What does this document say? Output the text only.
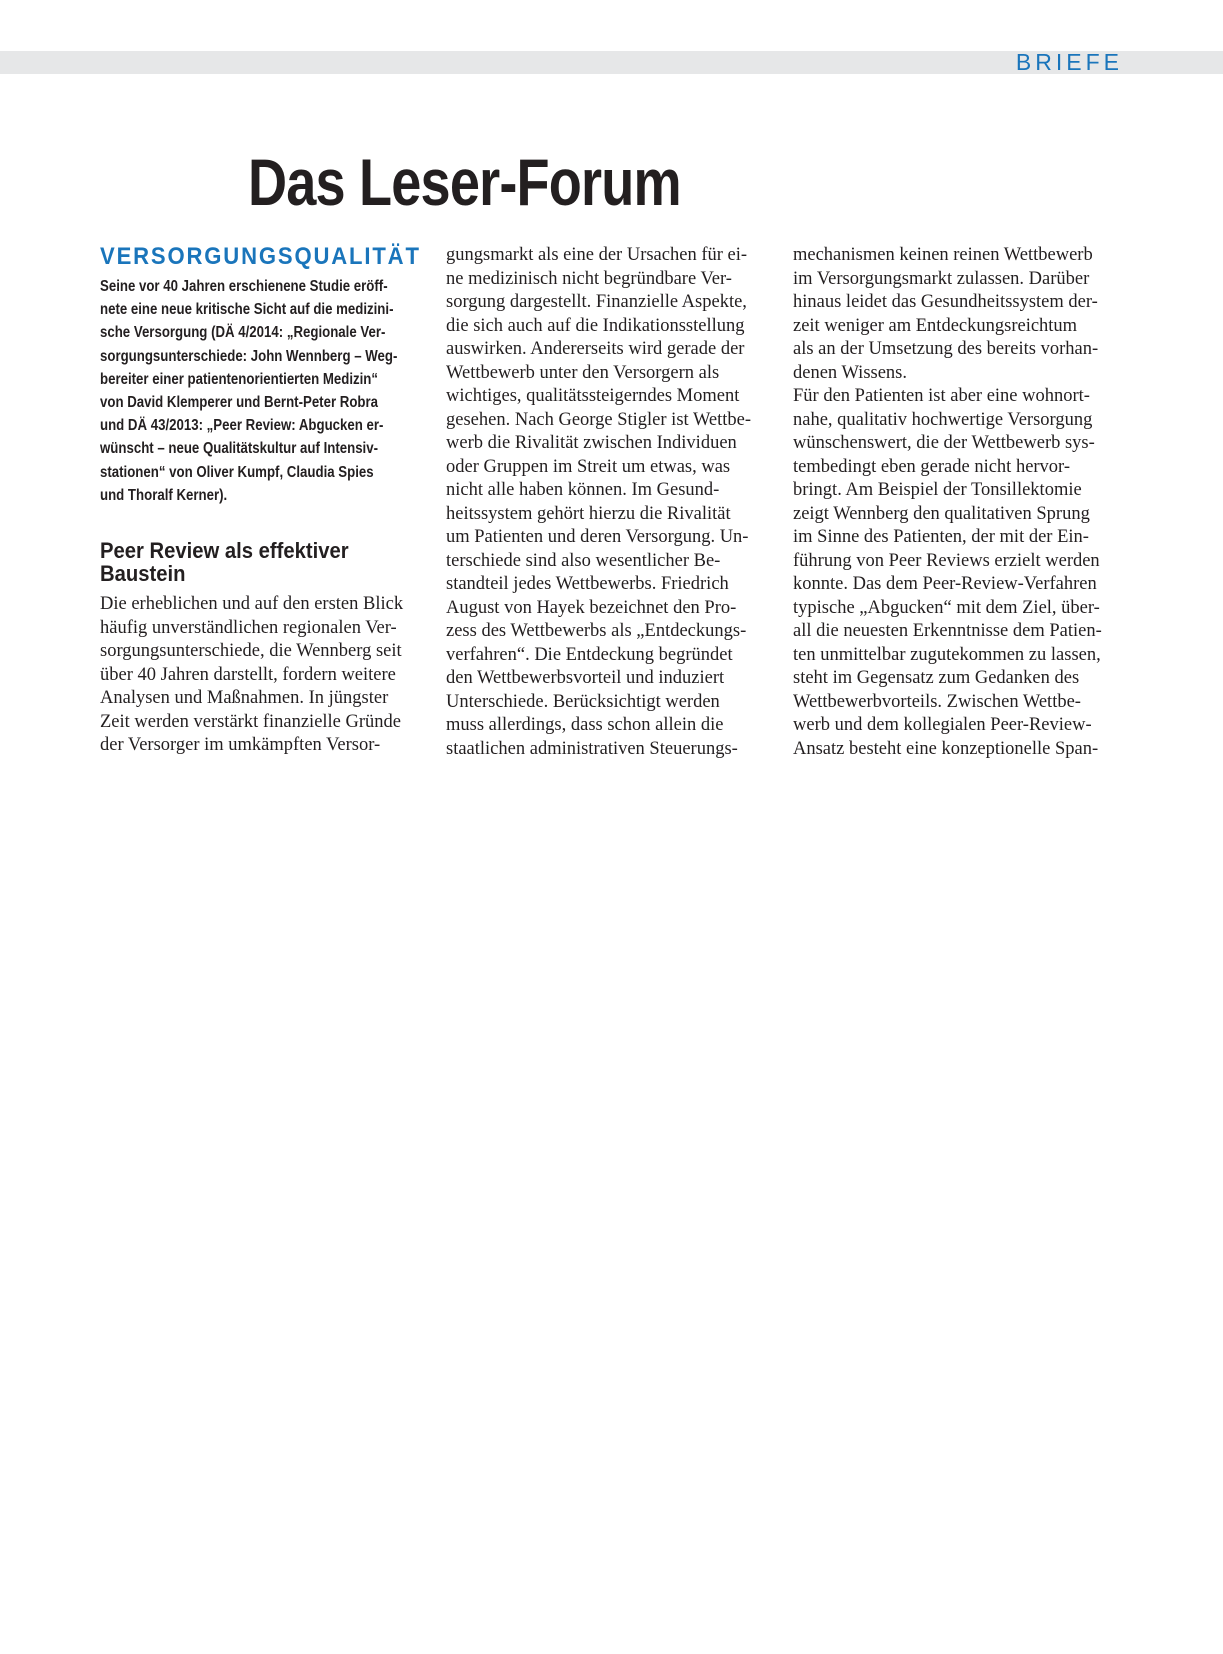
BRIEFE
Das Leser-Forum
VERSORGUNGSQUALITÄT

Seine vor 40 Jahren erschienene Studie eröff-
nete eine neue kritische Sicht auf die medizini-
sche Versorgung (DÄ 4/2014: „Regionale Ver-
sorgungsunterschiede: John Wennberg – Weg-
bereiter einer patientenorientierten Medizin“
von David Klemperer und Bernt-Peter Robra
und DÄ 43/2013: „Peer Review: Abgucken er-
wünscht – neue Qualitätskultur auf Intensiv-
stationen“ von Oliver Kumpf, Claudia Spies
und Thoralf Kerner).

Peer Review als effektiver
Baustein

Die erheblichen und auf den ersten Blick
häufig unverständlichen regionalen Ver-
sorgungsunterschiede, die Wennberg seit
über 40 Jahren darstellt, fordern weitere
Analysen und Maßnahmen. In jüngster
Zeit werden verstärkt finanzielle Gründe
der Versorger im umkämpften Versor-

gungsmarkt als eine der Ursachen für ei-
ne medizinisch nicht begründbare Ver-
sorgung dargestellt. Finanzielle Aspekte,
die sich auch auf die Indikationsstellung
auswirken. Andererseits wird gerade der
Wettbewerb unter den Versorgern als
wichtiges, qualitätssteigerndes Moment
gesehen. Nach George Stigler ist Wettbe-
werb die Rivalität zwischen Individuen
oder Gruppen im Streit um etwas, was
nicht alle haben können. Im Gesund-
heitssystem gehört hierzu die Rivalität
um Patienten und deren Versorgung. Un-
terschiede sind also wesentlicher Be-
standteil jedes Wettbewerbs. Friedrich
August von Hayek bezeichnet den Pro-
zess des Wettbewerbs als „Entdeckungs-
verfahren“. Die Entdeckung begründet
den Wettbewerbsvorteil und induziert
Unterschiede. Berücksichtigt werden
muss allerdings, dass schon allein die
staatlichen administrativen Steuerungs-

mechanismen keinen reinen Wettbewerb
im Versorgungsmarkt zulassen. Darüber
hinaus leidet das Gesundheitssystem der-
zeit weniger am Entdeckungsreichtum
als an der Umsetzung des bereits vorhan-
denen Wissens.
Für den Patienten ist aber eine wohnort-
nahe, qualitativ hochwertige Versorgung
wünschenswert, die der Wettbewerb sys-
tembedingt eben gerade nicht hervor-
bringt. Am Beispiel der Tonsillektomie
zeigt Wennberg den qualitativen Sprung
im Sinne des Patienten, der mit der Ein-
führung von Peer Reviews erzielt werden
konnte. Das dem Peer-Review-Verfahren
typische „Abgucken“ mit dem Ziel, über-
all die neuesten Erkenntnisse dem Patien-
ten unmittelbar zugutekommen zu lassen,
steht im Gegensatz zum Gedanken des
Wettbewerbvorteils. Zwischen Wettbe-
werb und dem kollegialen Peer-Review-
Ansatz besteht eine konzeptionelle Span-
